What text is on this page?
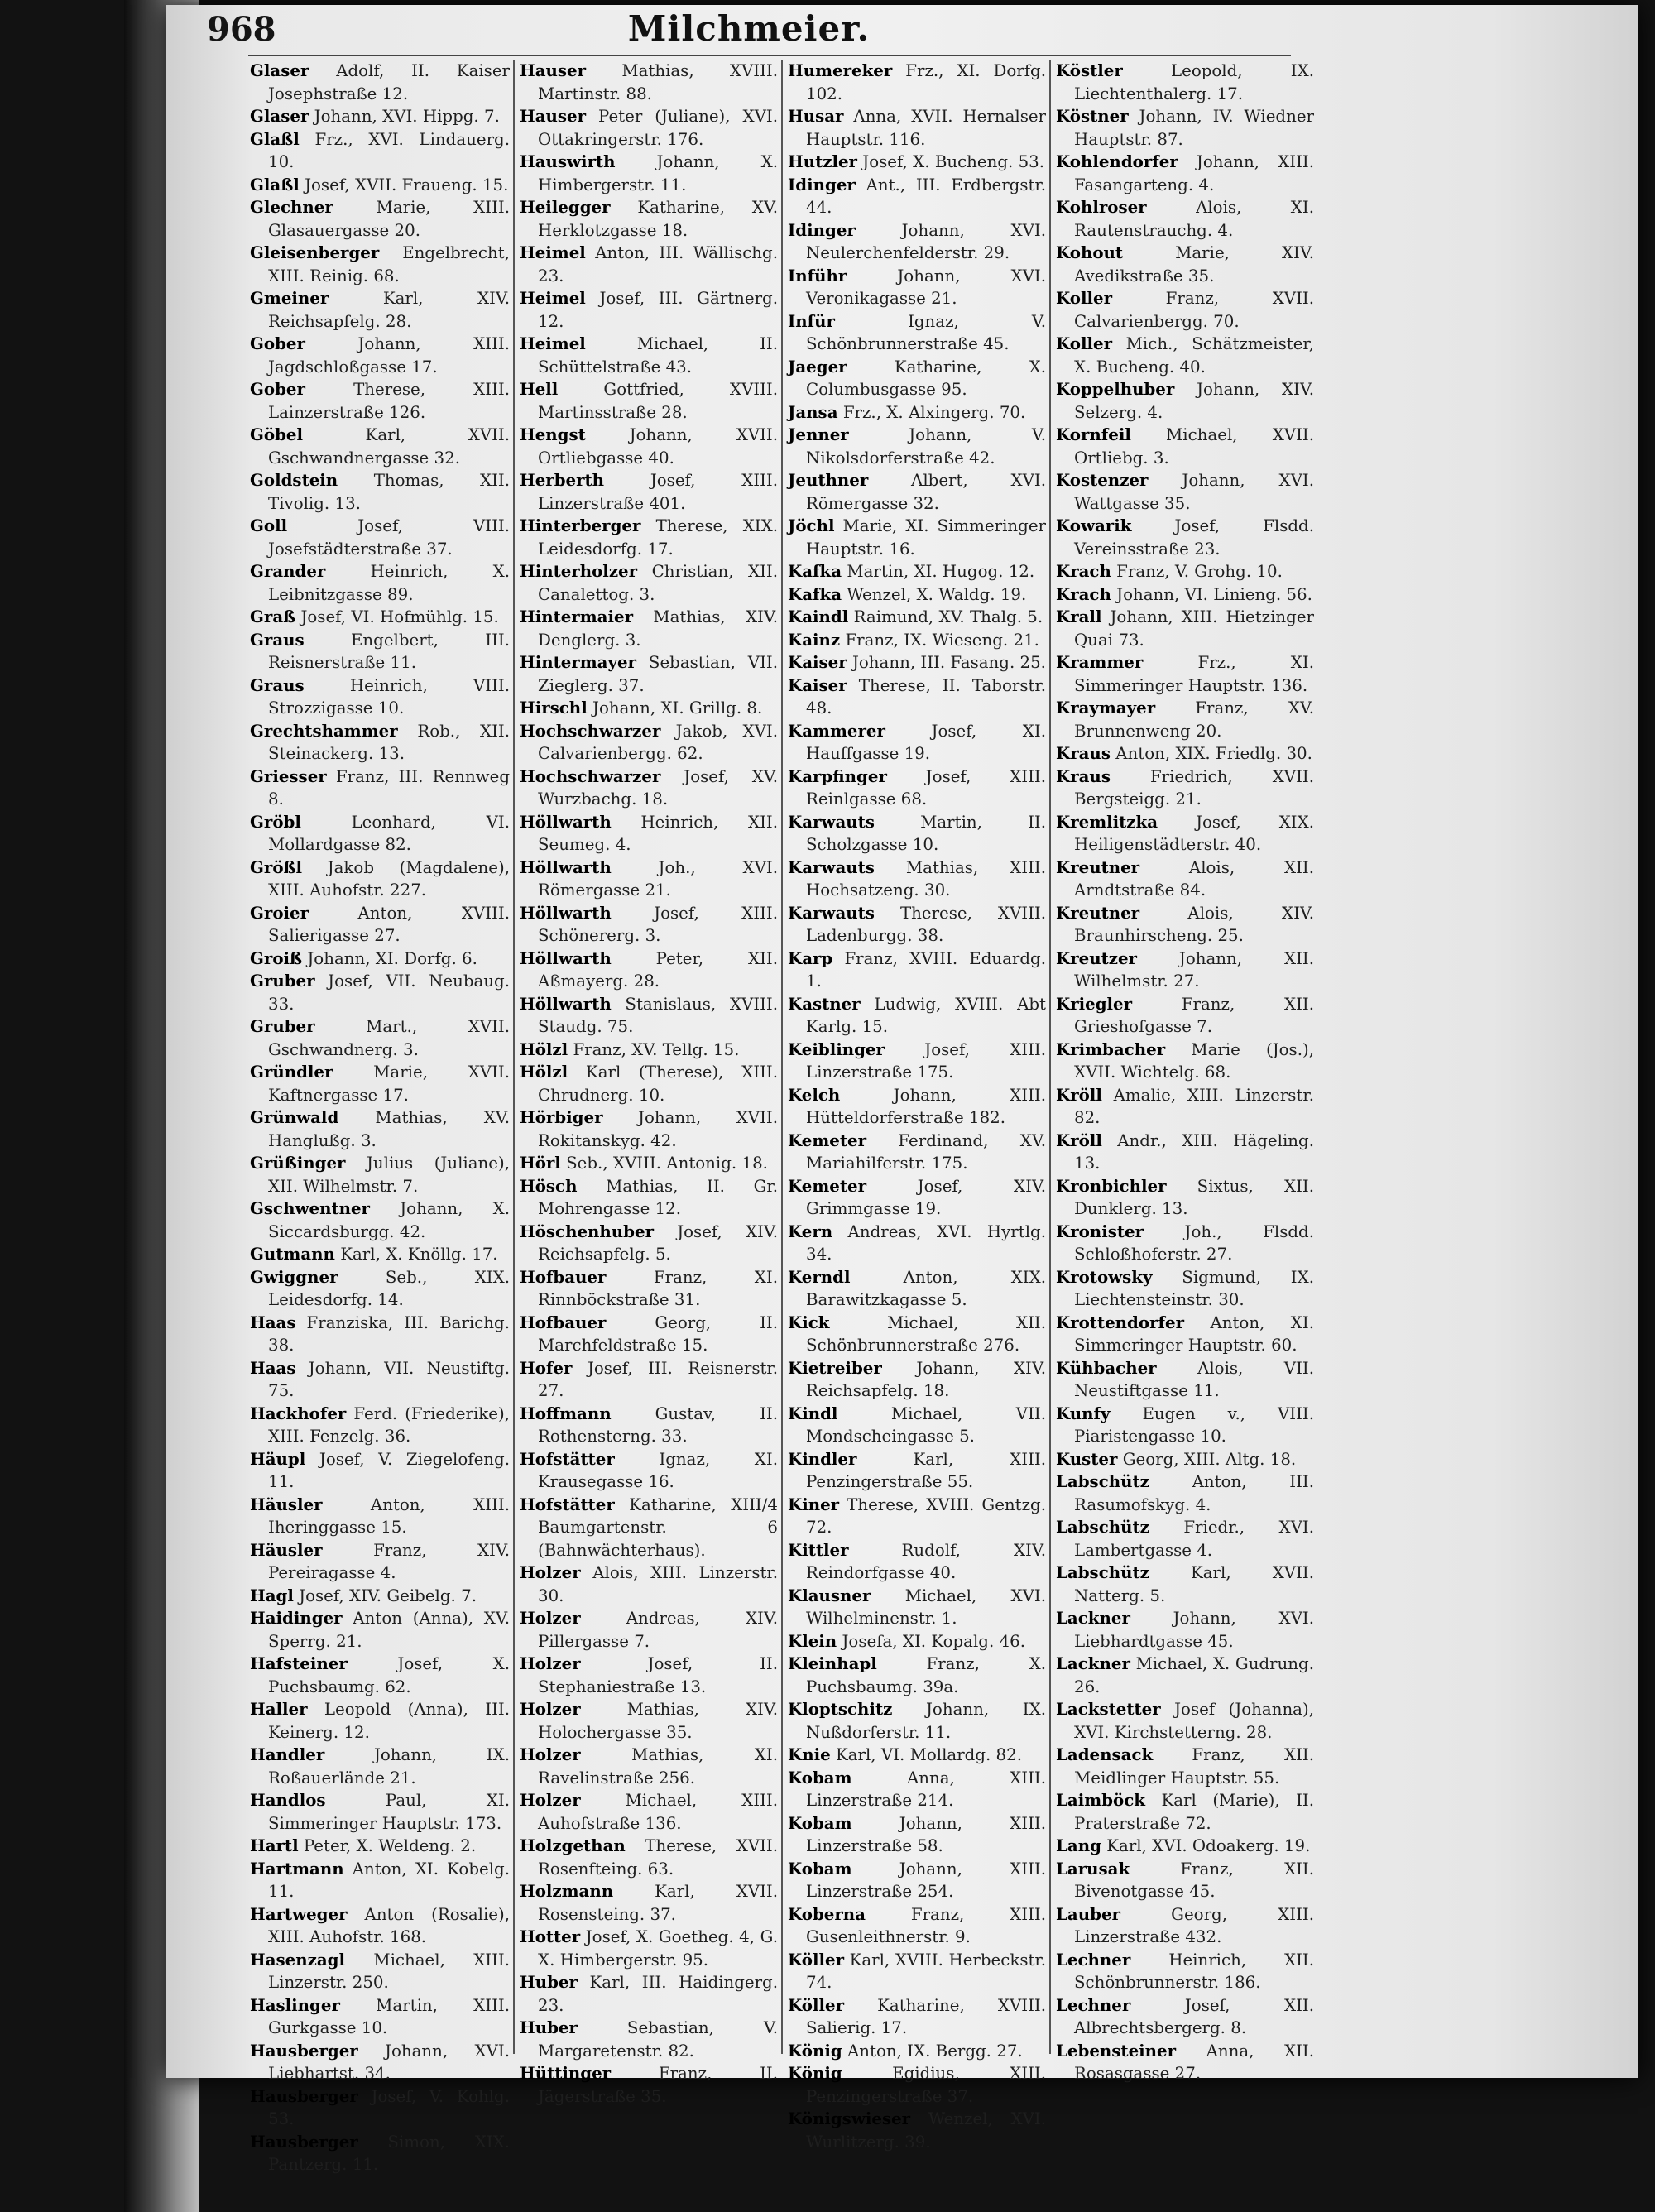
968	Milchmeier.

Glaser Adolf, II. Kaiser Josephstraße 12.

Glaser Johann, XVI. Hippg. 7.

Glaßl Frz., XVI. Lindauerg. 10.

Glaßl Josef, XVII. Fraueng. 15.

Glechner	Marie, XIII. Glasauergasse 20.

Gleisenberger Engelbrecht, XIII. Reinig. 68.

Gmeiner	Karl, XIV. Reichsapfelg. 28.

Gober	Johann, XIII. Jagdschloßgasse 17.

Gober	Therese, XIII. Lainzerstraße 126.

Göbel	Karl, XVII. Gschwandnergasse 32.

Goldstein Thomas, XII. Tivolig. 13.

Goll	Josef, VIII. Josefstädterstraße 37.

Grander	Heinrich, X. Leibnitzgasse 89.

Graß Josef, VI. Hofmühlg. 15.

Graus	Engelbert, III. Reisnerstraße 11.

Graus	Heinrich, VIII. Strozzigasse 10.

Grechtshammer Rob., XII. Steinackerg. 13.

Griesser Franz, III. Rennweg 8.

Gröbl	Leonhard, VI. Mollardgasse 82.

Größl Jakob (Magdalene), XIII. Auhofstr. 227.

Groier	Anton, XVIII. Salierigasse 27.

Groiß Johann, XI. Dorfg. 6.

Gruber Josef, VII. Neubaug. 33.

Gruber	Mart., XVII. Gschwandnerg. 3.

Gründler Marie, XVII. Kaftnergasse 17.

Grünwald Mathias, XV. Hanglußg. 3.

Grüßinger Julius (Juliane), XII. Wilhelmstr. 7.

Gschwentner Johann, X. Siccardsburgg. 42.

Gutmann Karl, X. Knöllg. 17.

Gwiggner	Seb., XIX. Leidesdorfg. 14.

Haas Franziska, III. Barichg. 38.

Haas Johann, VII. Neustiftg. 75.

Hackhofer Ferd. (Friederike), XIII. Fenzelg. 36.

Häupl Josef, V. Ziegelofeng. 11.

Häusler	Anton, XIII. Iheringgasse 15.

Häusler	Franz, XIV. Pereiragasse 4.

Hagl Josef, XIV. Geibelg. 7.

Haidinger Anton (Anna), XV. Sperrg. 21.

Hafsteiner	Josef, X. Puchsbaumg. 62.

Haller Leopold (Anna), III. Keinerg. 12.

Handler	Johann, IX. Roßauerlände 21.

Handlos	Paul, XI. Simmeringer Hauptstr. 173.

Hartl Peter, X. Weldeng. 2.

Hartmann Anton, XI. Kobelg. 11.

Hartweger Anton (Rosalie), XIII. Auhofstr. 168.

Hasenzagl Michael, XIII. Linzerstr. 250.

Haslinger Martin, XIII. Gurkgasse 10.

Hausberger Johann, XVI. Liebhartst. 34.

Hausberger Josef, V. Kohlg. 53.

Hausberger Simon, XIX. Pantzerg. 11.

Hauser Mathias, XVIII. Martinstr. 88.

Hauser Peter (Juliane), XVI. Ottakringerstr. 176.

Hauswirth	Johann, X. Himbergerstr. 11.

Heilegger Katharine, XV. Herklotzgasse 18.

Heimel Anton, III. Wällischg. 23.

Heimel Josef, III. Gärtnerg. 12.

Heimel	Michael, II. Schüttelstraße 43.

Hell	Gottfried, XVIII. Martinsstraße 28.

Hengst	Johann, XVII. Ortliebgasse 40.

Herberth	Josef, XIII. Linzerstraße 401.

Hinterberger Therese, XIX. Leidesdorfg. 17.

Hinterholzer Christian, XII. Canalettog. 3.

Hintermaier Mathias, XIV. Denglerg. 3.

Hintermayer Sebastian, VII. Zieglerg. 37.

Hirschl Johann, XI. Grillg. 8.

Hochschwarzer Jakob, XVI. Calvarienbergg. 62.

Hochschwarzer Josef, XV. Wurzbachg. 18.

Höllwarth Heinrich, XII. Seumeg. 4.

Höllwarth	Joh., XVI. Römergasse 21.

Höllwarth	Josef, XIII. Schönererg. 3.

Höllwarth	Peter, XII. Aßmayerg. 28.

Höllwarth Stanislaus, XVIII. Staudg. 75.

Hölzl Franz, XV. Tellg. 15.

Hölzl Karl (Therese), XIII. Chrudnerg. 10.

Hörbiger Johann, XVII. Rokitanskyg. 42.

Hörl Seb., XVIII. Antonig. 18.

Hösch Mathias, II. Gr. Mohrengasse 12.

Höschenhuber Josef, XIV. Reichsapfelg. 5.

Hofbauer	Franz, XI. Rinnböckstraße 31.

Hofbauer	Georg, II. Marchfeldstraße 15.

Hofer Josef, III. Reisnerstr. 27.

Hoffmann	Gustav, II. Rothensterng. 33.

Hofstätter	Ignaz, XI. Krausegasse 16.

Hofstätter Katharine, XIII/4 Baumgartenstr. 6 (Bahnwächterhaus).

Holzer Alois, XIII. Linzerstr. 30.

Holzer	Andreas, XIV. Pillergasse 7.

Holzer	Josef, II. Stephaniestraße 13.

Holzer	Mathias, XIV. Holochergasse 35.

Holzer	Mathias, XI. Ravelinstraße 256.

Holzer	Michael, XIII. Auhofstraße 136.

Holzgethan Therese, XVII. Rosenfteing. 63.

Holzmann	Karl, XVII. Rosensteing. 37.

Hotter Josef, X. Goetheg. 4, G. X. Himbergerstr. 95.

Huber Karl, III. Haidingerg. 23.

Huber	Sebastian, V. Margaretenstr. 82.

Hüttinger	Franz, II. Jägerstraße 35.

Humereker Frz., XI. Dorfg. 102.

Husar Anna, XVII. Hernalser Hauptstr. 116.

Hutzler Josef, X. Bucheng. 53.

Idinger Ant., III. Erdbergstr. 44.

Idinger	Johann, XVI. Neulerchenfelderstr. 29.

Inführ	Johann, XVI. Veronikagasse 21.

Infür	Ignaz, V. Schönbrunnerstraße 45.

Jaeger	Katharine, X. Columbusgasse 95.

Jansa Frz., X. Alxingerg. 70.

Jenner	Johann, V. Nikolsdorferstraße 42.

Jeuthner	Albert, XVI. Römergasse 32.

Jöchl Marie, XI. Simmeringer Hauptstr. 16.

Kafka Martin, XI. Hugog. 12.

Kafka Wenzel, X. Waldg. 19.

Kaindl Raimund, XV. Thalg. 5.

Kainz Franz, IX. Wieseng. 21.

Kaiser Johann, III. Fasang. 25.

Kaiser Therese, II. Taborstr. 48.

Kammerer	Josef, XI. Hauffgasse 19.

Karpfinger Josef, XIII. Reinlgasse 68.

Karwauts	Martin, II. Scholzgasse 10.

Karwauts Mathias, XIII. Hochsatzeng. 30.

Karwauts Therese, XVIII. Ladenburgg. 38.

Karp Franz, XVIII. Eduardg. 1.

Kastner Ludwig, XVIII. Abt Karlg. 15.

Keiblinger Josef, XIII. Linzerstraße 175.

Kelch	Johann, XIII. Hütteldorferstraße 182.

Kemeter Ferdinand, XV. Mariahilferstr. 175.

Kemeter	Josef, XIV. Grimmgasse 19.

Kern Andreas, XVI. Hyrtlg. 34.

Kerndl	Anton, XIX. Barawitzkagasse 5.

Kick	Michael, XII. Schönbrunnerstraße 276.

Kietreiber Johann, XIV. Reichsapfelg. 18.

Kindl	Michael, VII. Mondscheingasse 5.

Kindler	Karl, XIII. Penzingerstraße 55.

Kiner Therese, XVIII. Gentzg. 72.

Kittler	Rudolf, XIV. Reindorfgasse 40.

Klausner Michael, XVI. Wilhelminenstr. 1.

Klein Josefa, XI. Kopalg. 46.

Kleinhapl	Franz, X. Puchsbaumg. 39a.

Kloptschitz Johann, IX. Nußdorferstr. 11.

Knie Karl, VI. Mollardg. 82.

Kobam	Anna, XIII. Linzerstraße 214.

Kobam	Johann, XIII. Linzerstraße 58.

Kobam	Johann, XIII. Linzerstraße 254.

Koberna	Franz, XIII. Gusenleithnerstr. 9.

Köller Karl, XVIII. Herbeckstr. 74.

Köller Katharine, XVIII. Salierig. 17.

König Anton, IX. Bergg. 27.

König	Egidius, XIII. Penzingerstraße 37.

Königswieser Wenzel, XVI. Wurlitzerg. 39.

Köstler	Leopold, IX. Liechtenthalerg. 17.

Köstner Johann, IV. Wiedner Hauptstr. 87.

Kohlendorfer Johann, XIII. Fasangarteng. 4.

Kohlroser	Alois, XI. Rautenstrauchg. 4.

Kohout	Marie, XIV. Avedikstraße 35.

Koller	Franz, XVII. Calvarienbergg. 70.

Koller Mich., Schätzmeister, X. Bucheng. 40.

Koppelhuber Johann, XIV. Selzerg. 4.

Kornfeil Michael, XVII. Ortliebg. 3.

Kostenzer Johann, XVI. Wattgasse 35.

Kowarik	Josef, Flsdd. Vereinsstraße 23.

Krach Franz, V. Grohg. 10.

Krach Johann, VI. Linieng. 56.

Krall Johann, XIII. Hietzinger Quai 73.

Krammer	Frz., XI. Simmeringer Hauptstr. 136.

Kraymayer Franz, XV. Brunnenweng 20.

Kraus Anton, XIX. Friedlg. 30.

Kraus Friedrich, XVII. Bergsteigg. 21.

Kremlitzka Josef, XIX. Heiligenstädterstr. 40.

Kreutner	Alois, XII. Arndtstraße 84.

Kreutner	Alois, XIV. Braunhirscheng. 25.

Kreutzer	Johann, XII. Wilhelmstr. 27.

Kriegler	Franz, XII. Grieshofgasse 7.

Krimbacher Marie (Jos.), XVII. Wichtelg. 68.

Kröll Amalie, XIII. Linzerstr. 82.

Kröll Andr., XIII. Hägeling. 13.

Kronbichler Sixtus, XII. Dunklerg. 13.

Kronister	Joh., Flsdd. Schloßhoferstr. 27.

Krotowsky Sigmund, IX. Liechtensteinstr. 30.

Krottendorfer Anton, XI. Simmeringer Hauptstr. 60.

Kühbacher Alois, VII. Neustiftgasse 11.

Kunfy Eugen v., VIII. Piaristengasse 10.

Kuster Georg, XIII. Altg. 18.

Labschütz	Anton, III. Rasumofskyg. 4.

Labschütz Friedr., XVI. Lambertgasse 4.

Labschütz	Karl, XVII. Natterg. 5.

Lackner	Johann, XVI. Liebhardtgasse 45.

Lackner Michael, X. Gudrung. 26.

Lackstetter Josef (Johanna), XVI. Kirchstetterng. 28.

Ladensack Franz, XII. Meidlinger Hauptstr. 55.

Laimböck Karl (Marie), II. Praterstraße 72.

Lang Karl, XVI. Odoakerg. 19.

Larusak	Franz, XII. Bivenotgasse 45.

Lauber	Georg, XIII. Linzerstraße 432.

Lechner Heinrich, XII. Schönbrunnerstr. 186.

Lechner	Josef, XII. Albrechtsbergerg. 8.

Lebensteiner Anna, XII. Rosasgasse 27.
